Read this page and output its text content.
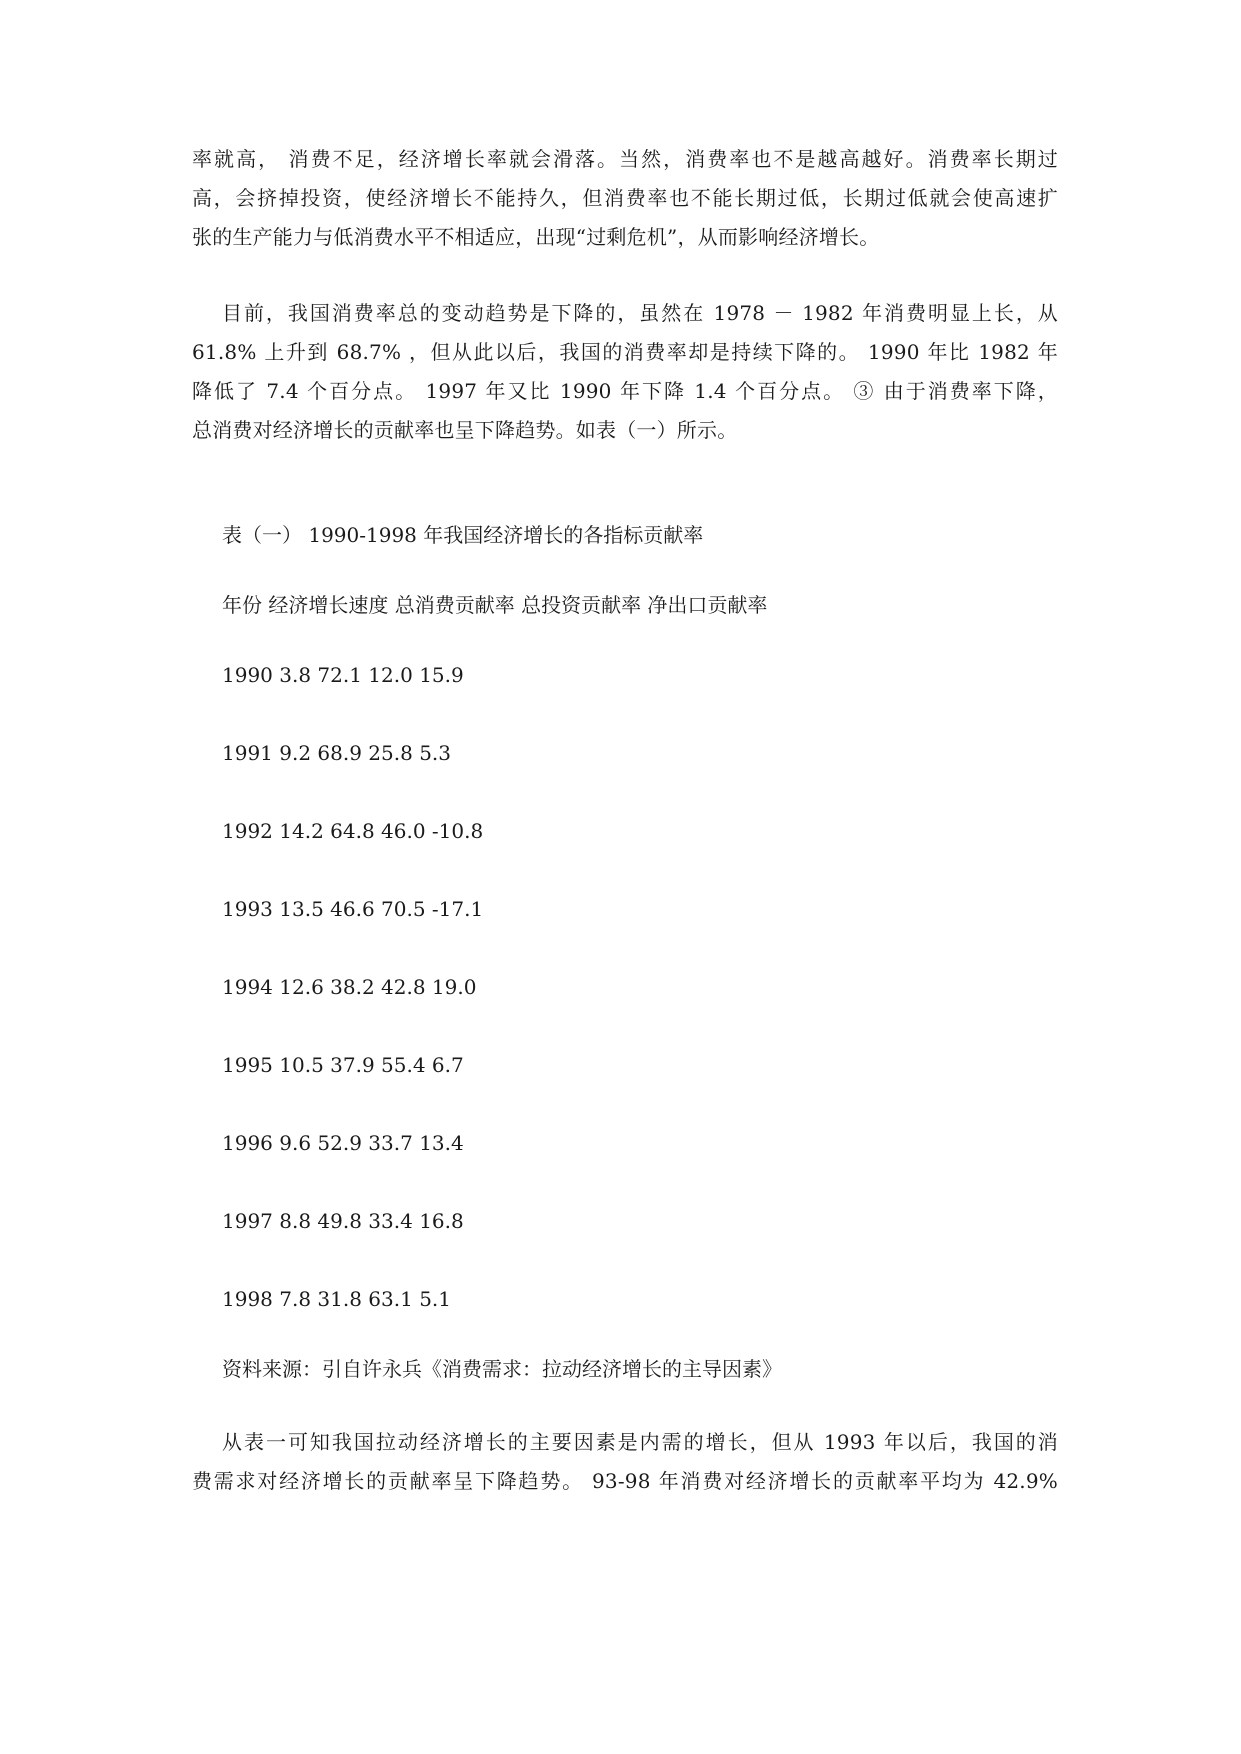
率就高， 消费不足，经济增长率就会滑落。当然，消费率也不是越高越好。消费率长期过
高，会挤掉投资，使经济增长不能持久，但消费率也不能长期过低，长期过低就会使高速扩
张的生产能力与低消费水平不相适应，出现“过剩危机”，从而影响经济增长。
目前，我国消费率总的变动趋势是下降的，虽然在 1978 － 1982 年消费明显上长，从
61.8% 上升到 68.7% ，但从此以后，我国的消费率却是持续下降的。 1990 年比 1982 年
降低了 7.4 个百分点。 1997 年又比 1990 年下降 1.4 个百分点。 ③ 由于消费率下降，
总消费对经济增长的贡献率也呈下降趋势。如表（一）所示。

表（一） 1990-1998 年我国经济增长的各指标贡献率

年份 经济增长速度 总消费贡献率 总投资贡献率 净出口贡献率

1990 3.8 72.1 12.0 15.9

1991 9.2 68.9 25.8 5.3

1992 14.2 64.8 46.0 -10.8

1993 13.5 46.6 70.5 -17.1

1994 12.6 38.2 42.8 19.0

1995 10.5 37.9 55.4 6.7

1996 9.6 52.9 33.7 13.4

1997 8.8 49.8 33.4 16.8

1998 7.8 31.8 63.1 5.1

资料来源：引自许永兵《消费需求：拉动经济增长的主导因素》

从表一可知我国拉动经济增长的主要因素是内需的增长，但从 1993 年以后，我国的消
费需求对经济增长的贡献率呈下降趋势。 93-98 年消费对经济增长的贡献率平均为 42.9%
